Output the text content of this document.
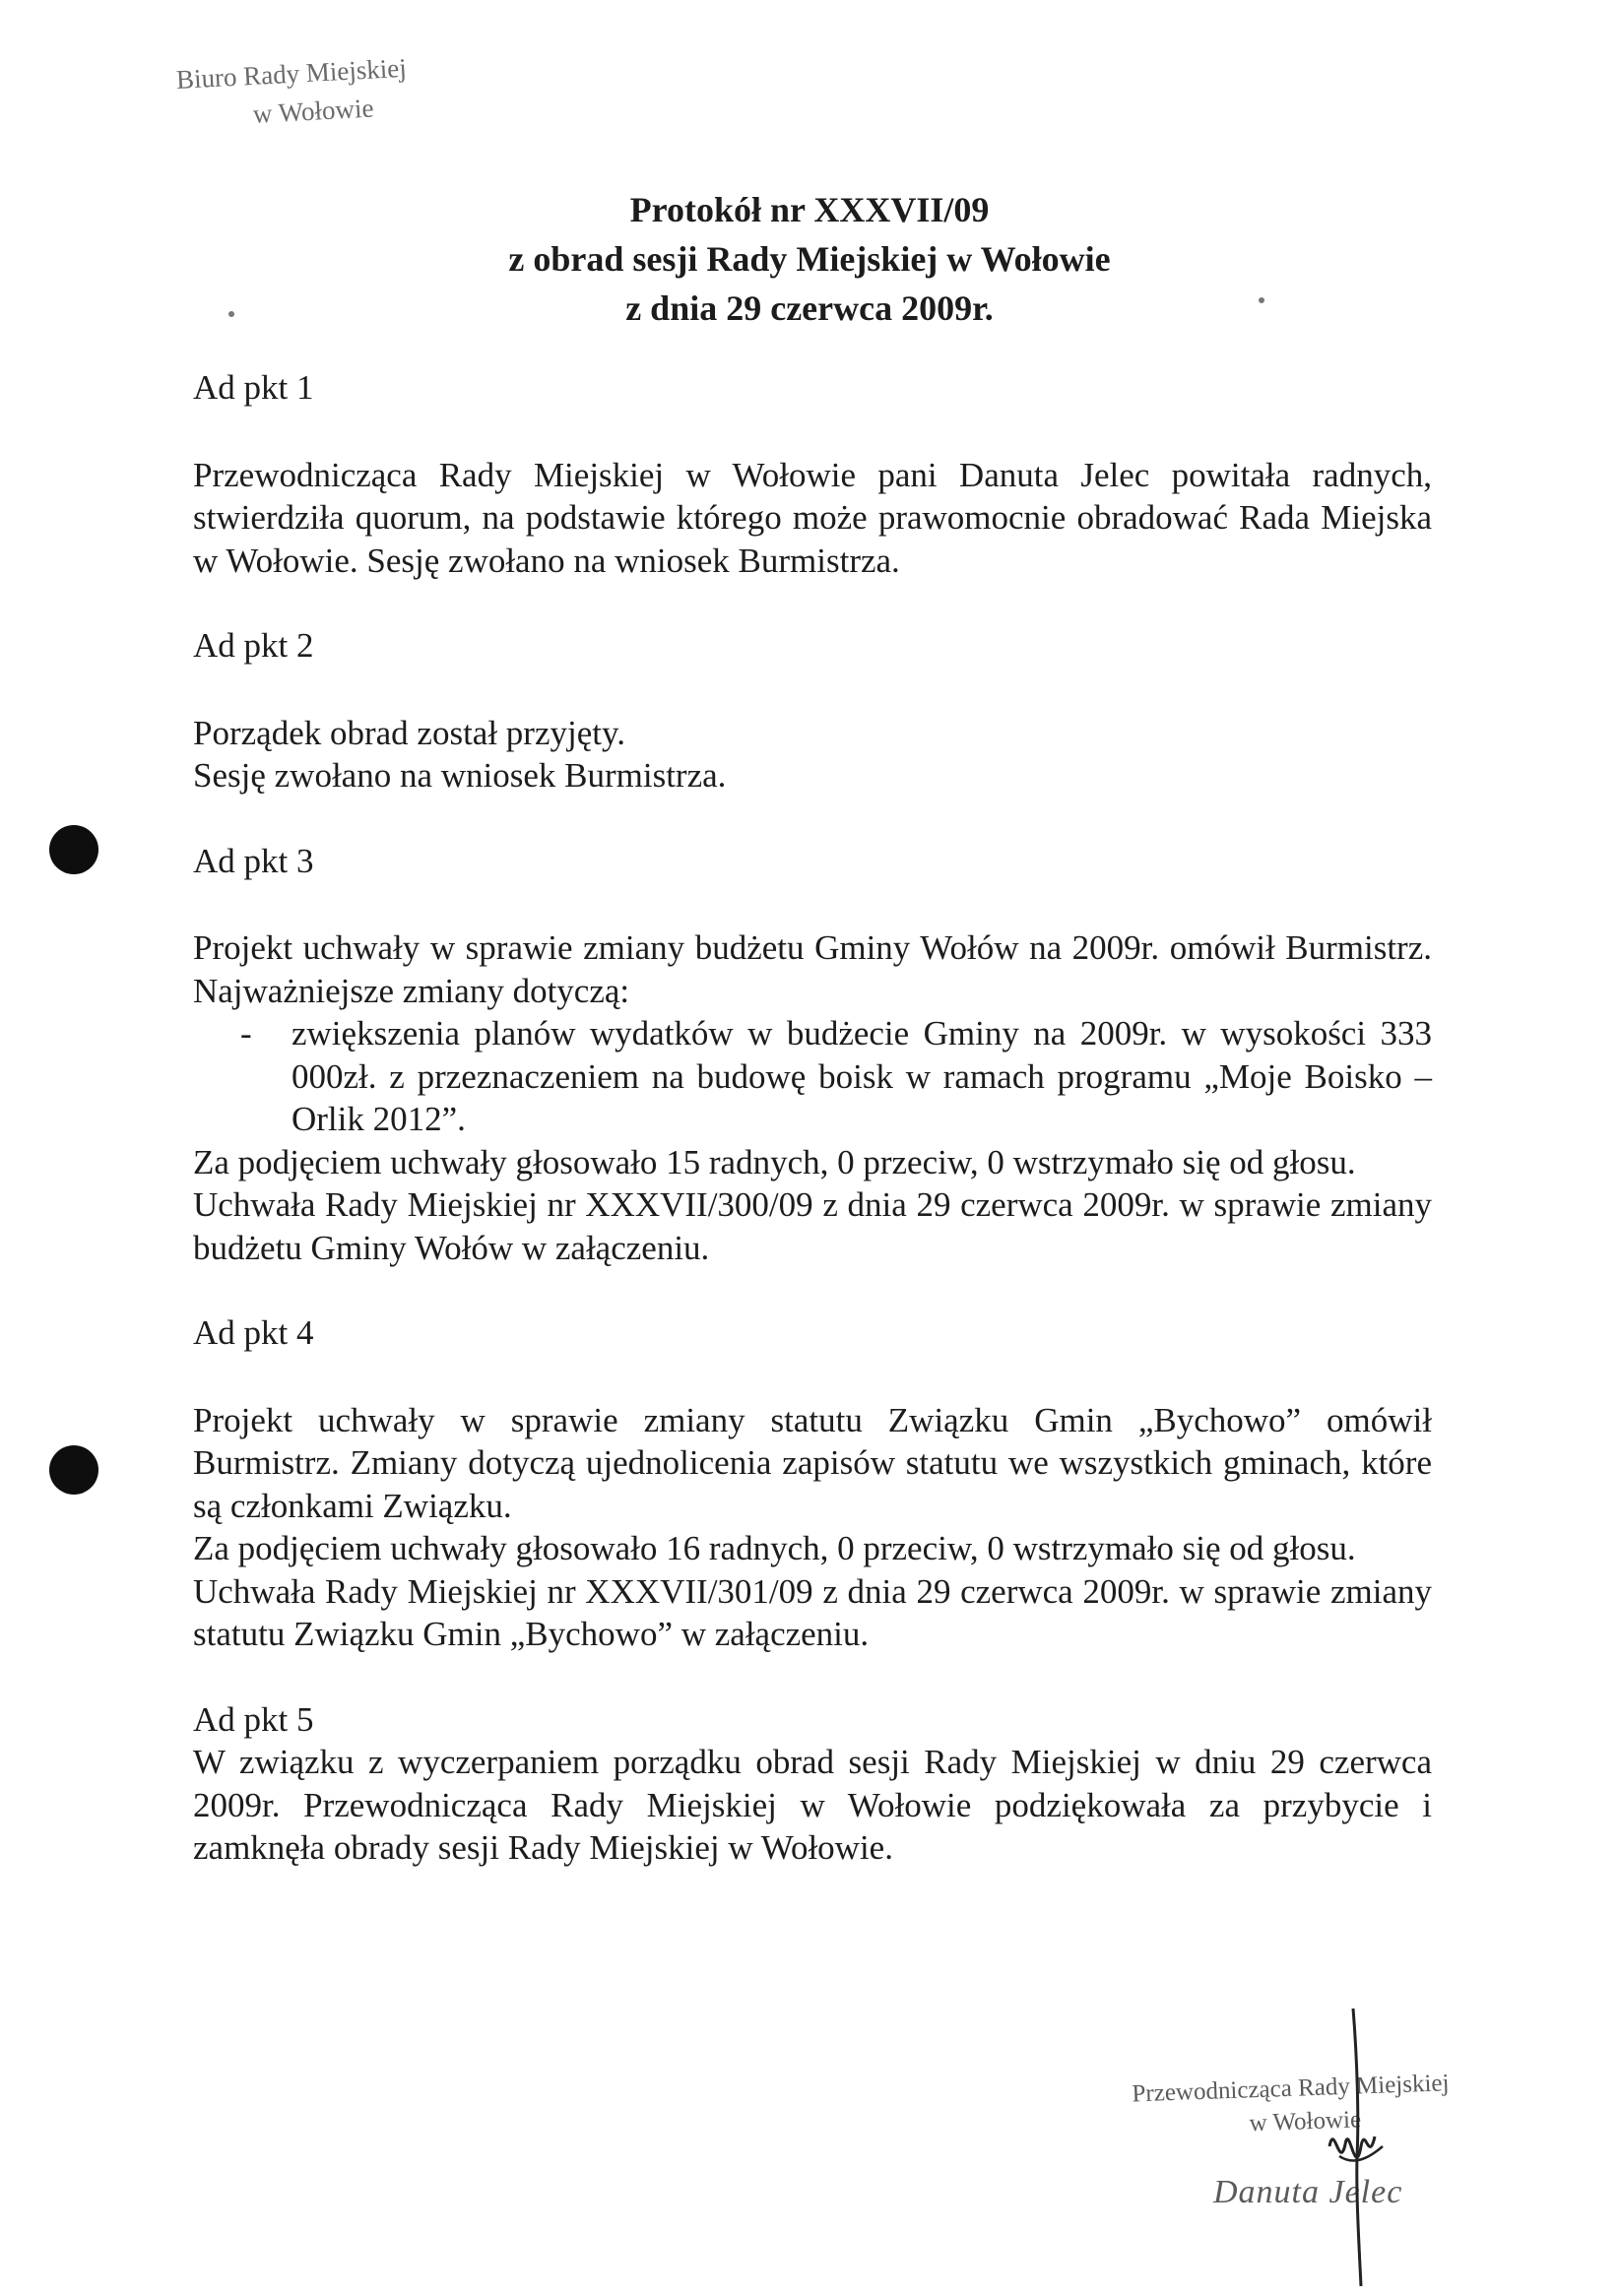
Biuro Rady Miejskiej
w Wołowie
Protokół nr XXXVII/09
z obrad sesji Rady Miejskiej w Wołowie
z dnia 29 czerwca 2009r.

Ad pkt 1

Przewodnicząca Rady Miejskiej w Wołowie pani Danuta Jelec powitała radnych, stwierdziła quorum, na podstawie którego może prawomocnie obradować Rada Miejska w Wołowie. Sesję zwołano na wniosek Burmistrza.

Ad pkt 2

Porządek obrad został przyjęty.

Sesję zwołano na wniosek Burmistrza.

Ad pkt 3

Projekt uchwały w sprawie zmiany budżetu Gminy Wołów na 2009r. omówił Burmistrz. Najważniejsze zmiany dotyczą:

-	zwiększenia planów wydatków w budżecie Gminy na 2009r. w wysokości 333 000zł. z przeznaczeniem na budowę boisk w ramach programu „Moje Boisko – Orlik 2012”.

Za podjęciem uchwały głosowało 15 radnych, 0 przeciw, 0 wstrzymało się od głosu.

Uchwała Rady Miejskiej nr XXXVII/300/09 z dnia 29 czerwca 2009r. w sprawie zmiany budżetu Gminy Wołów w załączeniu.

Ad pkt 4

Projekt uchwały w sprawie zmiany statutu Związku Gmin „Bychowo” omówił Burmistrz. Zmiany dotyczą ujednolicenia zapisów statutu we wszystkich gminach, które są członkami Związku.

Za podjęciem uchwały głosowało 16 radnych, 0 przeciw, 0 wstrzymało się od głosu.

Uchwała Rady Miejskiej nr XXXVII/301/09 z dnia 29 czerwca 2009r. w sprawie zmiany statutu Związku Gmin „Bychowo” w załączeniu.

Ad pkt 5

W związku z wyczerpaniem porządku obrad sesji Rady Miejskiej w dniu 29 czerwca 2009r. Przewodnicząca Rady Miejskiej w Wołowie podziękowała za przybycie i zamknęła obrady sesji Rady Miejskiej w Wołowie.

Przewodnicząca Rady Miejskiej
w Wołowie
Danuta Jelec
